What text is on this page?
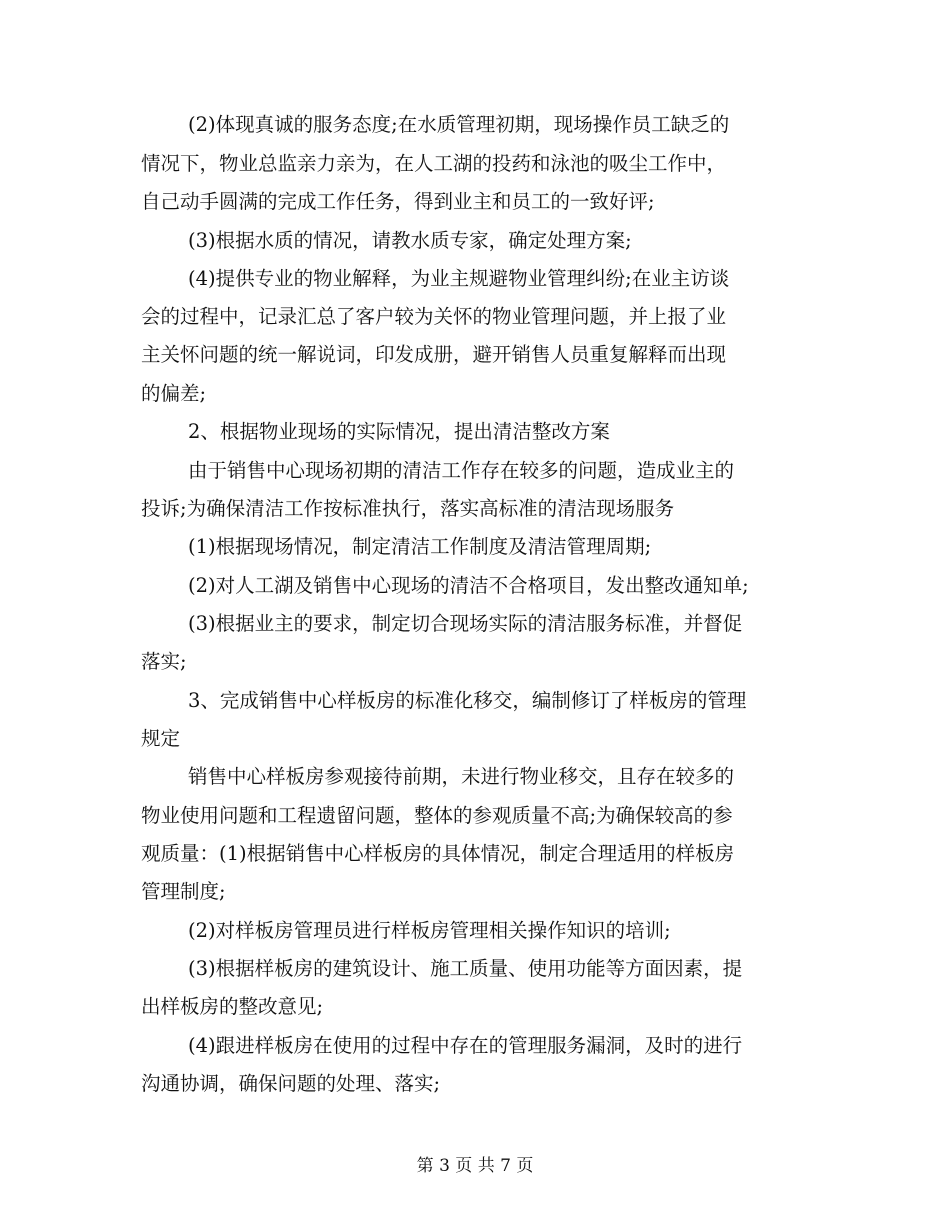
(2)体现真诚的服务态度;在水质管理初期，现场操作员工缺乏的
情况下，物业总监亲力亲为，在人工湖的投药和泳池的吸尘工作中，
自己动手圆满的完成工作任务，得到业主和员工的一致好评;
(3)根据水质的情况，请教水质专家，确定处理方案;
(4)提供专业的物业解释，为业主规避物业管理纠纷;在业主访谈
会的过程中，记录汇总了客户较为关怀的物业管理问题，并上报了业
主关怀问题的统一解说词，印发成册，避开销售人员重复解释而出现
的偏差;
2、根据物业现场的实际情况，提出清洁整改方案
由于销售中心现场初期的清洁工作存在较多的问题，造成业主的
投诉;为确保清洁工作按标准执行，落实高标准的清洁现场服务
(1)根据现场情况，制定清洁工作制度及清洁管理周期;
(2)对人工湖及销售中心现场的清洁不合格项目，发出整改通知单;
(3)根据业主的要求，制定切合现场实际的清洁服务标准，并督促
落实;
3、完成销售中心样板房的标准化移交，编制修订了样板房的管理
规定
销售中心样板房参观接待前期，未进行物业移交，且存在较多的
物业使用问题和工程遗留问题，整体的参观质量不高;为确保较高的参
观质量：(1)根据销售中心样板房的具体情况，制定合理适用的样板房
管理制度;
(2)对样板房管理员进行样板房管理相关操作知识的培训;
(3)根据样板房的建筑设计、施工质量、使用功能等方面因素，提
出样板房的整改意见;
(4)跟进样板房在使用的过程中存在的管理服务漏洞，及时的进行
沟通协调，确保问题的处理、落实;
第 3 页 共 7 页
